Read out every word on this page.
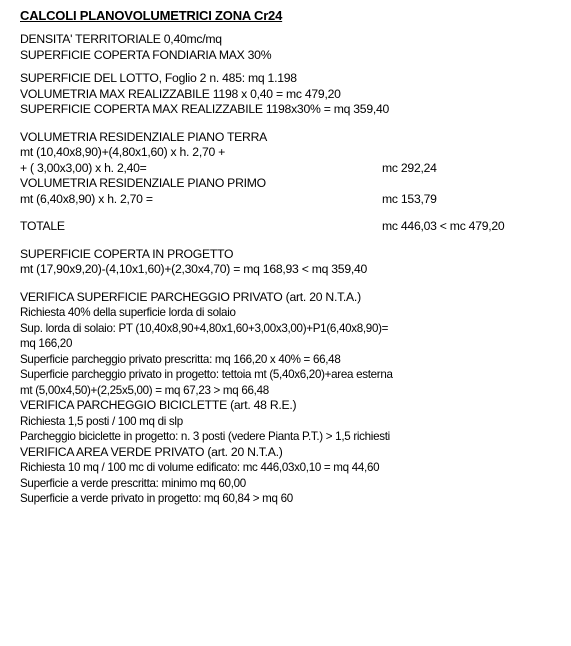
CALCOLI PLANOVOLUMETRICI ZONA Cr24
DENSITA' TERRITORIALE 0,40mc/mq
SUPERFICIE COPERTA FONDIARIA MAX 30%
SUPERFICIE DEL LOTTO, Foglio 2 n. 485: mq 1.198
VOLUMETRIA MAX REALIZZABILE 1198 x 0,40 = mc 479,20
SUPERFICIE COPERTA MAX REALIZZABILE 1198x30% = mq 359,40
VOLUMETRIA RESIDENZIALE PIANO TERRA
mt (10,40x8,90)+(4,80x1,60) x h. 2,70 +
+ ( 3,00x3,00) x h. 2,40=	mc 292,24
VOLUMETRIA RESIDENZIALE PIANO PRIMO
mt (6,40x8,90) x h. 2,70 =	mc 153,79
TOTALE	mc 446,03 < mc 479,20
SUPERFICIE COPERTA IN PROGETTO
mt (17,90x9,20)-(4,10x1,60)+(2,30x4,70) = mq 168,93 < mq 359,40
VERIFICA SUPERFICIE PARCHEGGIO PRIVATO (art. 20 N.T.A.)
Richiesta 40% della superficie lorda di solaio
Sup. lorda di solaio: PT (10,40x8,90+4,80x1,60+3,00x3,00)+P1(6,40x8,90)=
mq 166,20
Superficie parcheggio privato prescritta: mq 166,20 x 40% = 66,48
Superficie parcheggio privato in progetto: tettoia mt (5,40x6,20)+area esterna
mt (5,00x4,50)+(2,25x5,00) = mq 67,23 > mq 66,48
VERIFICA PARCHEGGIO BICICLETTE (art. 48 R.E.)
Richiesta 1,5 posti / 100 mq di slp
Parcheggio biciclette in progetto: n. 3 posti (vedere Pianta P.T.) > 1,5 richiesti
VERIFICA AREA VERDE PRIVATO (art. 20 N.T.A.)
Richiesta 10 mq / 100 mc di volume edificato: mc 446,03x0,10 = mq 44,60
Superficie a verde prescritta: minimo mq 60,00
Superficie a verde privato in progetto: mq 60,84 > mq 60
